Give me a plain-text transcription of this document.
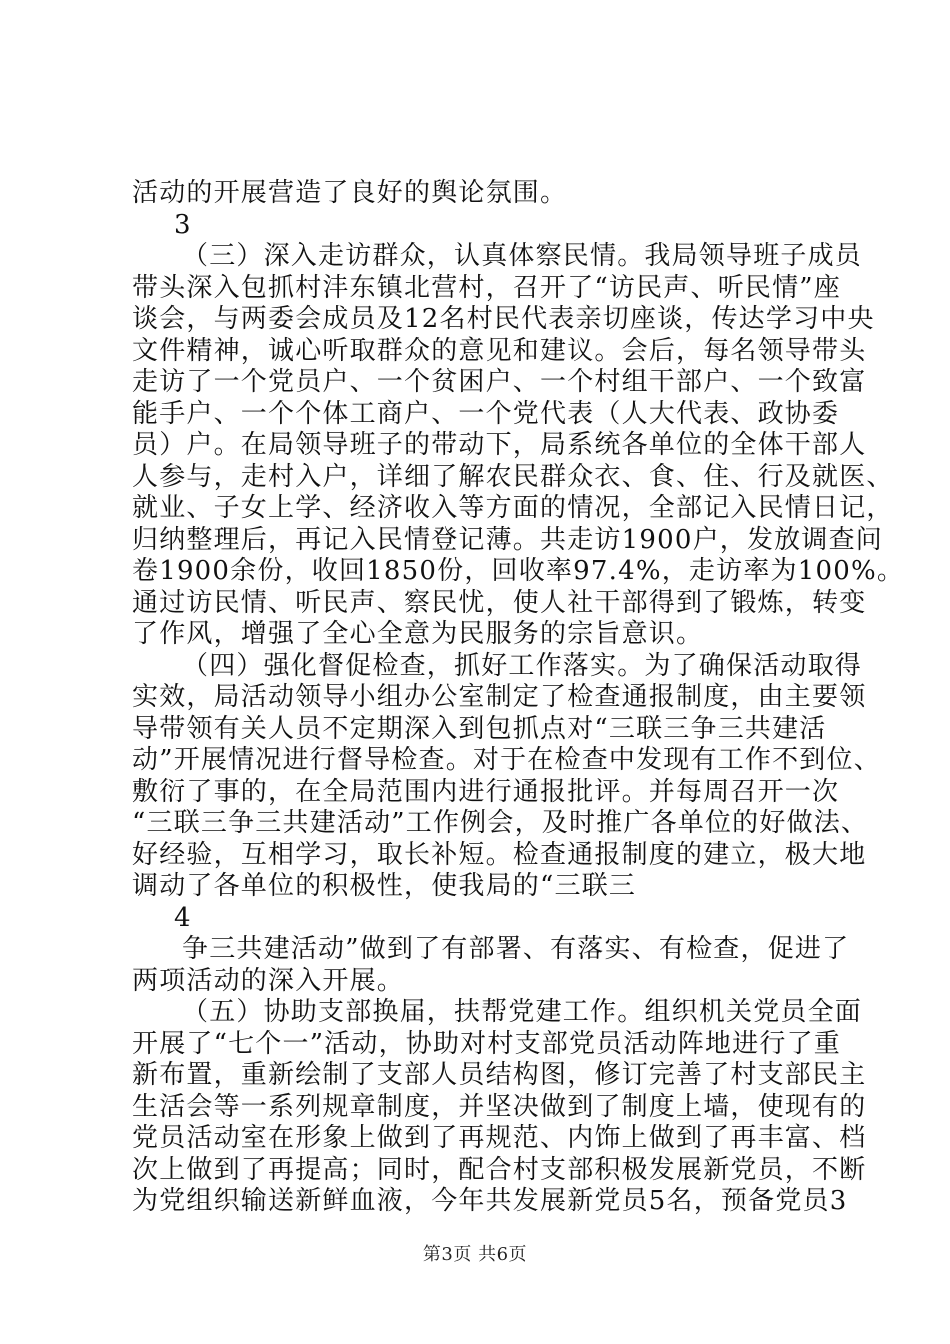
活动的开展营造了良好的舆论氛围。
3
（三）深入走访群众，认真体察民情。我局领导班子成员
带头深入包抓村沣东镇北营村，召开了“访民声、听民情”座
谈会，与两委会成员及12名村民代表亲切座谈，传达学习中央
文件精神，诚心听取群众的意见和建议。会后，每名领导带头
走访了一个党员户、一个贫困户、一个村组干部户、一个致富
能手户、一个个体工商户、一个党代表（人大代表、政协委
员）户。在局领导班子的带动下，局系统各单位的全体干部人
人参与，走村入户，详细了解农民群众衣、食、住、行及就医、
就业、子女上学、经济收入等方面的情况，全部记入民情日记，
归纳整理后，再记入民情登记薄。共走访1900户，发放调查问
卷1900余份，收回1850份，回收率97.4%，走访率为100%。
通过访民情、听民声、察民忧，使人社干部得到了锻炼，转变
了作风，增强了全心全意为民服务的宗旨意识。
（四）强化督促检查，抓好工作落实。为了确保活动取得
实效，局活动领导小组办公室制定了检查通报制度，由主要领
导带领有关人员不定期深入到包抓点对“三联三争三共建活
动”开展情况进行督导检查。对于在检查中发现有工作不到位、
敷衍了事的，在全局范围内进行通报批评。并每周召开一次
“三联三争三共建活动”工作例会，及时推广各单位的好做法、
好经验，互相学习，取长补短。检查通报制度的建立，极大地
调动了各单位的积极性，使我局的“三联三
4
争三共建活动”做到了有部署、有落实、有检查，促进了
两项活动的深入开展。
（五）协助支部换届，扶帮党建工作。组织机关党员全面
开展了“七个一”活动，协助对村支部党员活动阵地进行了重
新布置，重新绘制了支部人员结构图，修订完善了村支部民主
生活会等一系列规章制度，并坚决做到了制度上墙，使现有的
党员活动室在形象上做到了再规范、内饰上做到了再丰富、档
次上做到了再提高；同时，配合村支部积极发展新党员，不断
为党组织输送新鲜血液，今年共发展新党员5名，预备党员3
第3页 共6页
